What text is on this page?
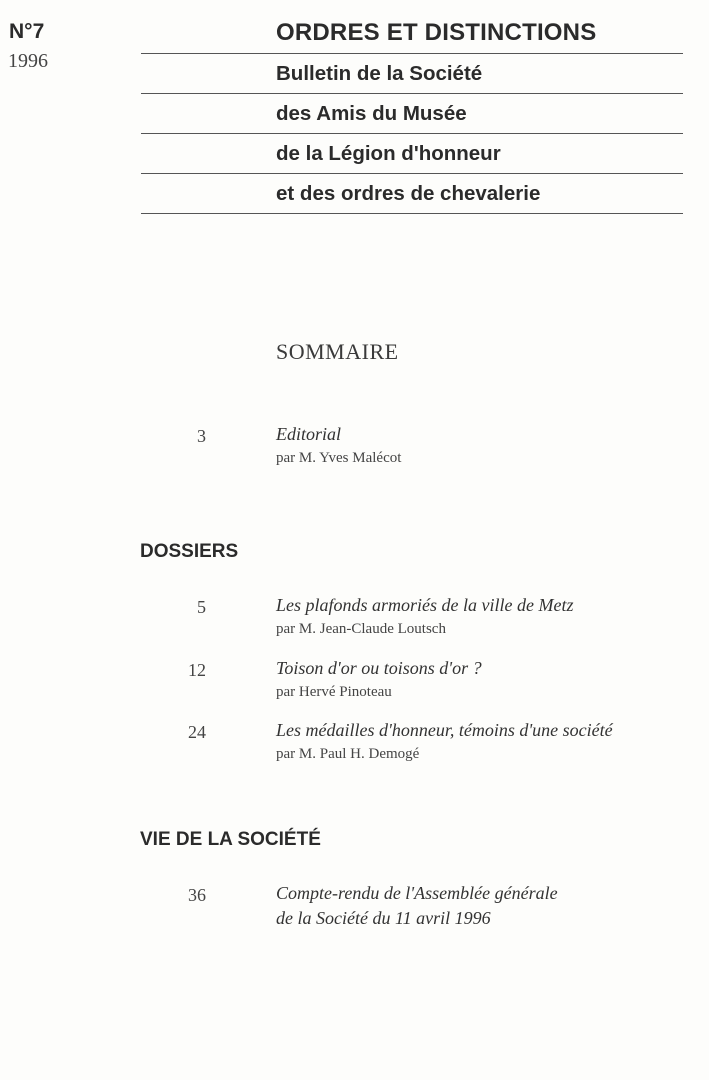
N°7
1996
ORDRES ET DISTINCTIONS
Bulletin de la Société
des Amis du Musée
de la Légion d'honneur
et des ordres de chevalerie
SOMMAIRE
3	Editorial
par M. Yves Malécot
DOSSIERS
5	Les plafonds armoriés de la ville de Metz
par M. Jean-Claude Loutsch
12	Toison d'or ou toisons d'or ?
par Hervé Pinoteau
24	Les médailles d'honneur, témoins d'une société
par M. Paul H. Demogé
VIE DE LA SOCIÉTÉ
36	Compte-rendu de l'Assemblée générale
de la Société du 11 avril 1996
